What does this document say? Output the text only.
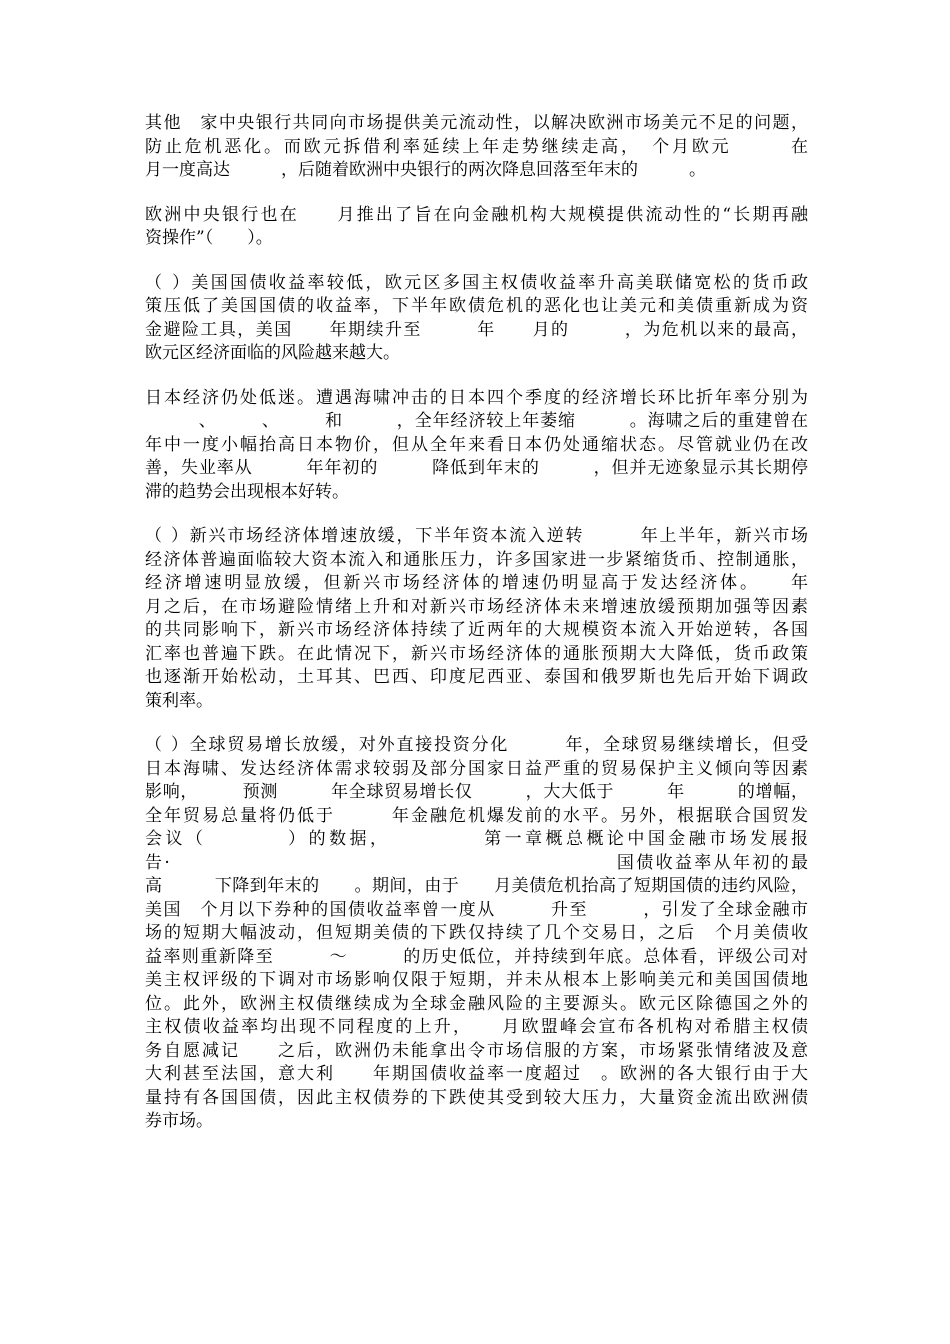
其他　家中央银行共同向市场提供美元流动性，以解决欧洲市场美元不足的问题，
防止危机恶化。而欧元拆借利率延续上年走势继续走高，　个月欧元　　　在
月一度高达　　　，后随着欧洲中央银行的两次降息回落至年末的　　　。
欧洲中央银行也在　　月推出了旨在向金融机构大规模提供流动性的“长期再融
资操作”（　　）。
（ ）美国国债收益率较低，欧元区多国主权债收益率升高美联储宽松的货币政
策压低了美国国债的收益率，下半年欧债危机的恶化也让美元和美债重新成为资
金避险工具，美国　　年期续升至　　　年　　月的　　　，为危机以来的最高，
欧元区经济面临的风险越来越大。
日本经济仍处低迷。遭遇海啸冲击的日本四个季度的经济增长环比折年率分别为
　　　、　　　、　　　和　　　，全年经济较上年萎缩　　　。海啸之后的重建曾在
年中一度小幅抬高日本物价，但从全年来看日本仍处通缩状态。尽管就业仍在改
善，失业率从　　　年年初的　　　降低到年末的　　　，但并无迹象显示其长期停
滞的趋势会出现根本好转。
（ ）新兴市场经济体增速放缓，下半年资本流入逆转　　　年上半年，新兴市场
经济体普遍面临较大资本流入和通胀压力，许多国家进一步紧缩货币、控制通胀，
经济增速明显放缓，但新兴市场经济体的增速仍明显高于发达经济体。　　年
月之后，在市场避险情绪上升和对新兴市场经济体未来增速放缓预期加强等因素
的共同影响下，新兴市场经济体持续了近两年的大规模资本流入开始逆转，各国
汇率也普遍下跌。在此情况下，新兴市场经济体的通胀预期大大降低，货币政策
也逐渐开始松动，土耳其、巴西、印度尼西亚、泰国和俄罗斯也先后开始下调政
策利率。
（ ）全球贸易增长放缓，对外直接投资分化　　　年，全球贸易继续增长，但受
日本海啸、发达经济体需求较弱及部分国家日益严重的贸易保护主义倾向等因素
影响，　　　预测　　　年全球贸易增长仅　　　，大大低于　　　年　　　的增幅，
全年贸易总量将仍低于　　　年金融危机爆发前的水平。另外，根据联合国贸发
会议（　　　　）的数据，　　　　　第一章概总概论中国金融市场发展报
告·　　　　　　　　　　　　　　　　　　　　　　　国债收益率从年初的最
高　　　下降到年末的　　。期间，由于　　月美债危机抬高了短期国债的违约风险，
美国　个月以下券种的国债收益率曾一度从　　　升至　　　，引发了全球金融市
场的短期大幅波动，但短期美债的下跌仅持续了几个交易日，之后　个月美债收
益率则重新降至　　　～　　　的历史低位，并持续到年底。总体看，评级公司对
美主权评级的下调对市场影响仅限于短期，并未从根本上影响美元和美国国债地
位。此外，欧洲主权债继续成为全球金融风险的主要源头。欧元区除德国之外的
主权债收益率均出现不同程度的上升，　　月欧盟峰会宣布各机构对希腊主权债
务自愿减记　　之后，欧洲仍未能拿出令市场信服的方案，市场紧张情绪波及意
大利甚至法国，意大利　　年期国债收益率一度超过　。欧洲的各大银行由于大
量持有各国国债，因此主权债券的下跌使其受到较大压力，大量资金流出欧洲债
券市场。
